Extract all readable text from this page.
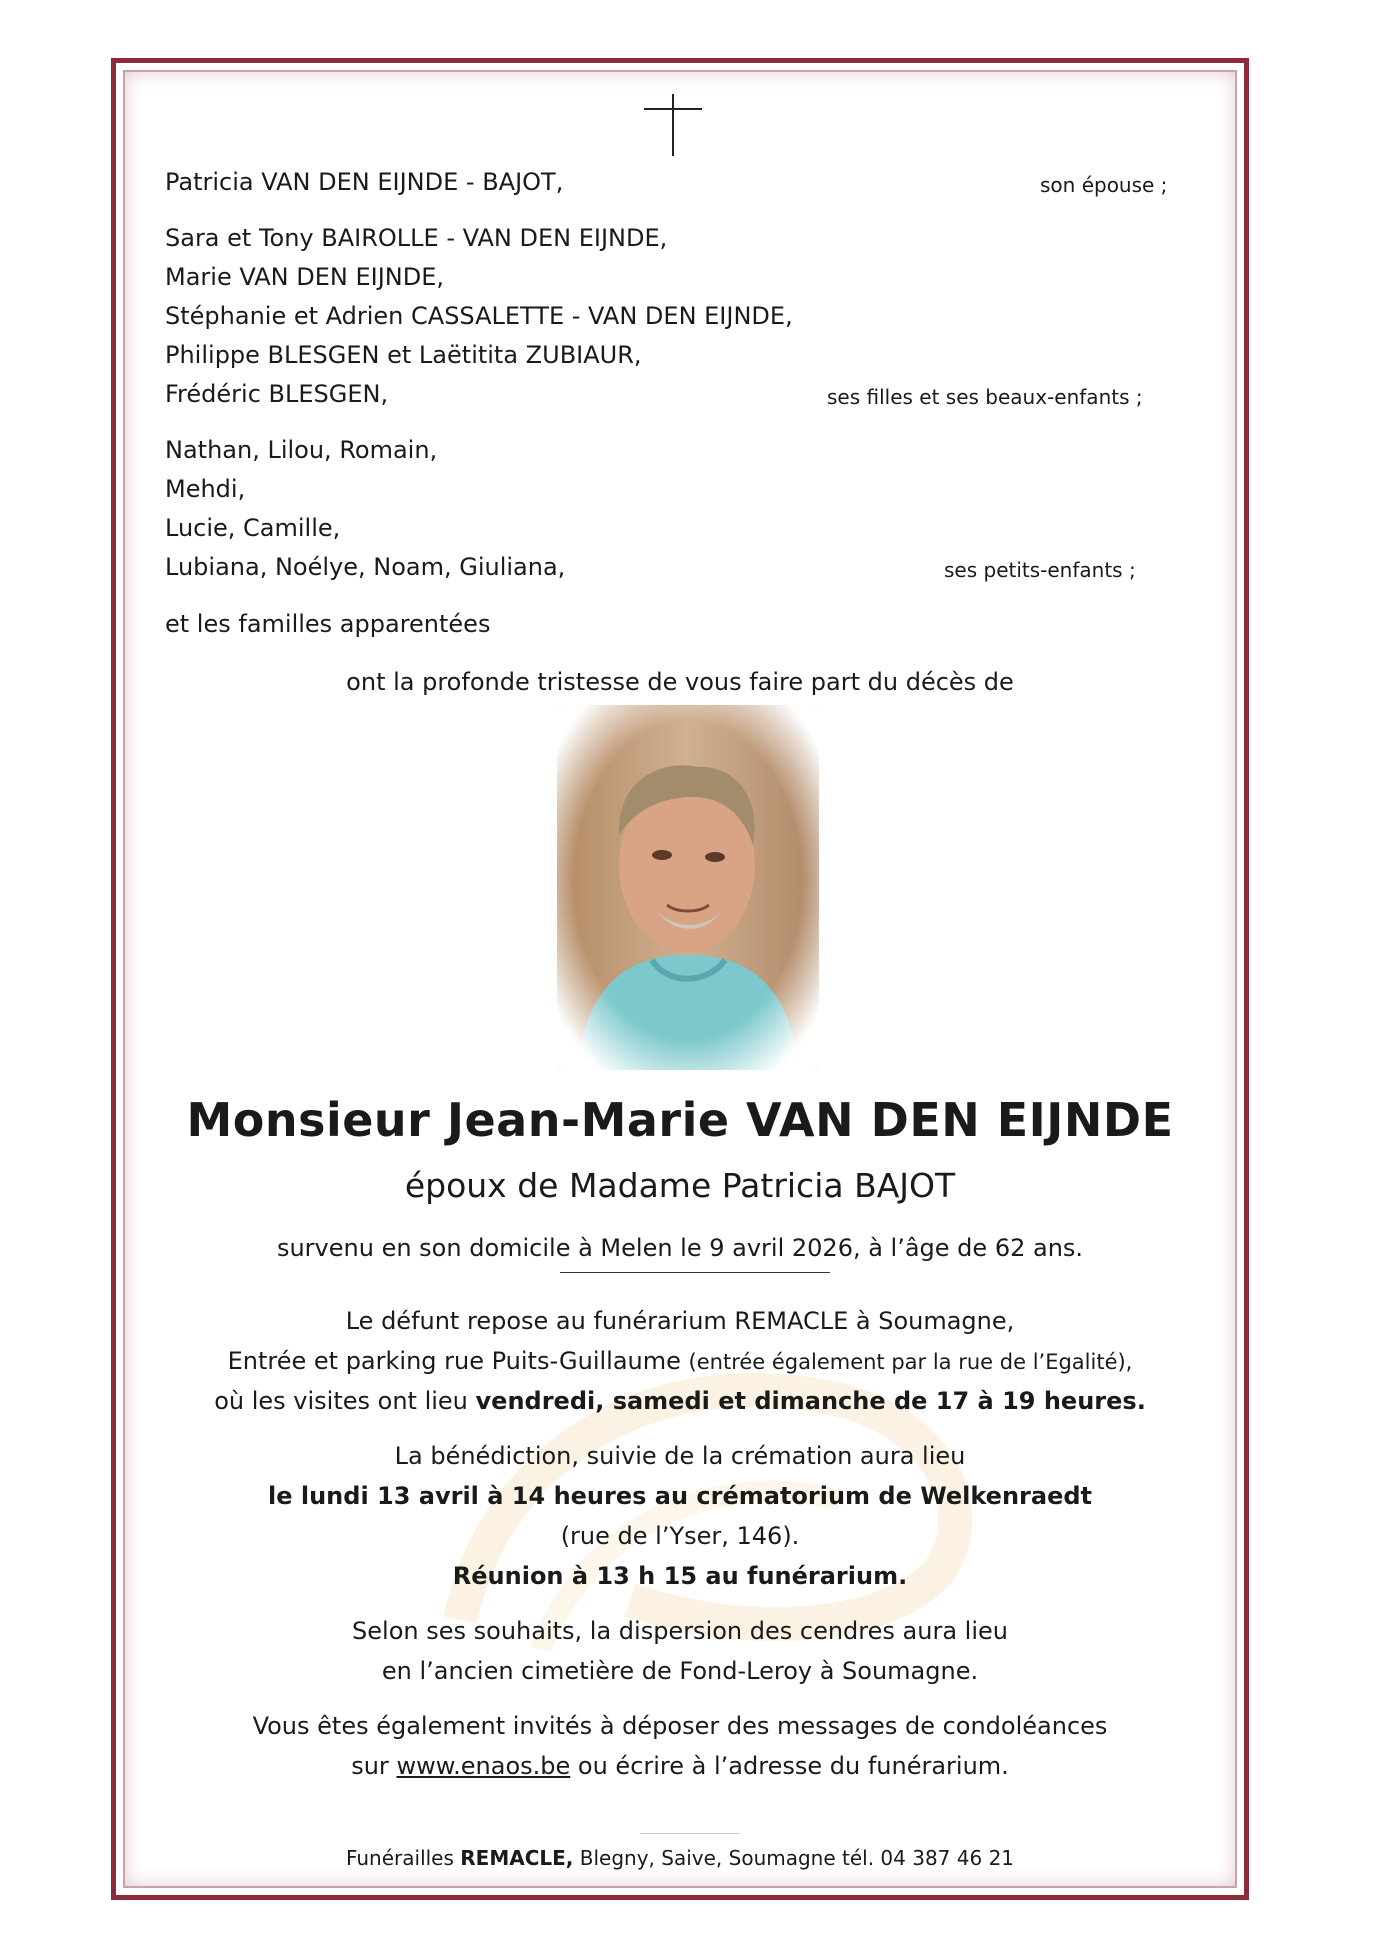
Patricia VAN DEN EIJNDE - BAJOT,	son épouse ;
Sara et Tony BAIROLLE - VAN DEN EIJNDE,
Marie VAN DEN EIJNDE,
Stéphanie et Adrien CASSALETTE - VAN DEN EIJNDE,
Philippe BLESGEN et Laëtitita ZUBIAUR,
Frédéric BLESGEN,	ses filles et ses beaux-enfants ;
Nathan, Lilou, Romain,
Mehdi,
Lucie, Camille,
Lubiana, Noélye, Noam, Giuliana,	ses petits-enfants ;
et les familles apparentées
ont la profonde tristesse de vous faire part du décès de
Monsieur Jean-Marie VAN DEN EIJNDE
époux de Madame Patricia BAJOT
survenu en son domicile à Melen le 9 avril 2026, à l’âge de 62 ans.
Le défunt repose au funérarium REMACLE à Soumagne,
Entrée et parking rue Puits-Guillaume (entrée également par la rue de l’Egalité),
où les visites ont lieu vendredi, samedi et dimanche de 17 à 19 heures.
La bénédiction, suivie de la crémation aura lieu
le lundi 13 avril à 14 heures au crématorium de Welkenraedt
(rue de l’Yser, 146).
Réunion à 13 h 15 au funérarium.
Selon ses souhaits, la dispersion des cendres aura lieu
en l’ancien cimetière de Fond-Leroy à Soumagne.
Vous êtes également invités à déposer des messages de condoléances
sur www.enaos.be ou écrire à l’adresse du funérarium.
Funérailles REMACLE, Blegny, Saive, Soumagne tél. 04 387 46 21
